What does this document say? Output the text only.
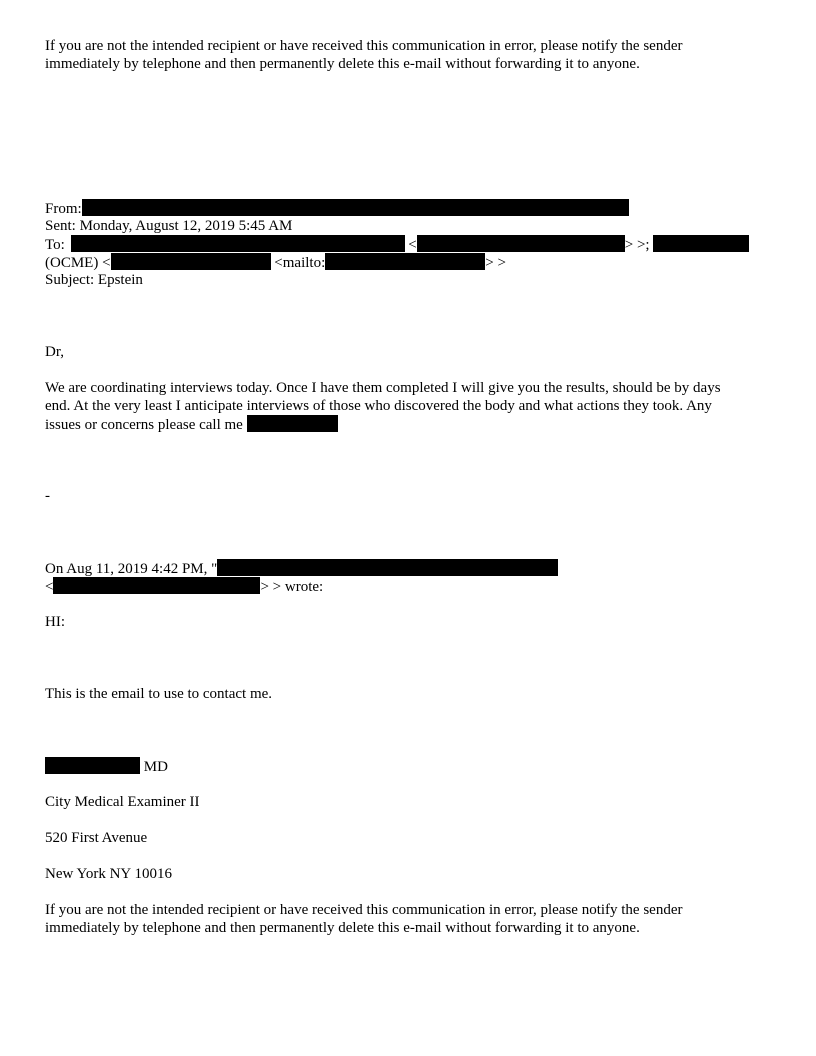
If you are not the intended recipient or have received this communication in error, please notify the sender
immediately by telephone and then permanently delete this e-mail without forwarding it to anyone.
From:
Sent: Monday, August 12, 2019 5:45 AM
To:	<	> >;
(OCME) <	<mailto:	> >
Subject: Epstein
Dr,
We are coordinating interviews today. Once I have them completed I will give you the results, should be by days
end. At the very least I anticipate interviews of those who discovered the body and what actions they took. Any
issues or concerns please call me
-
On Aug 11, 2019 4:42 PM, "
<	> > wrote:
HI:
This is the email to use to contact me.
MD
City Medical Examiner II
520 First Avenue
New York NY 10016
If you are not the intended recipient or have received this communication in error, please notify the sender
immediately by telephone and then permanently delete this e-mail without forwarding it to anyone.
